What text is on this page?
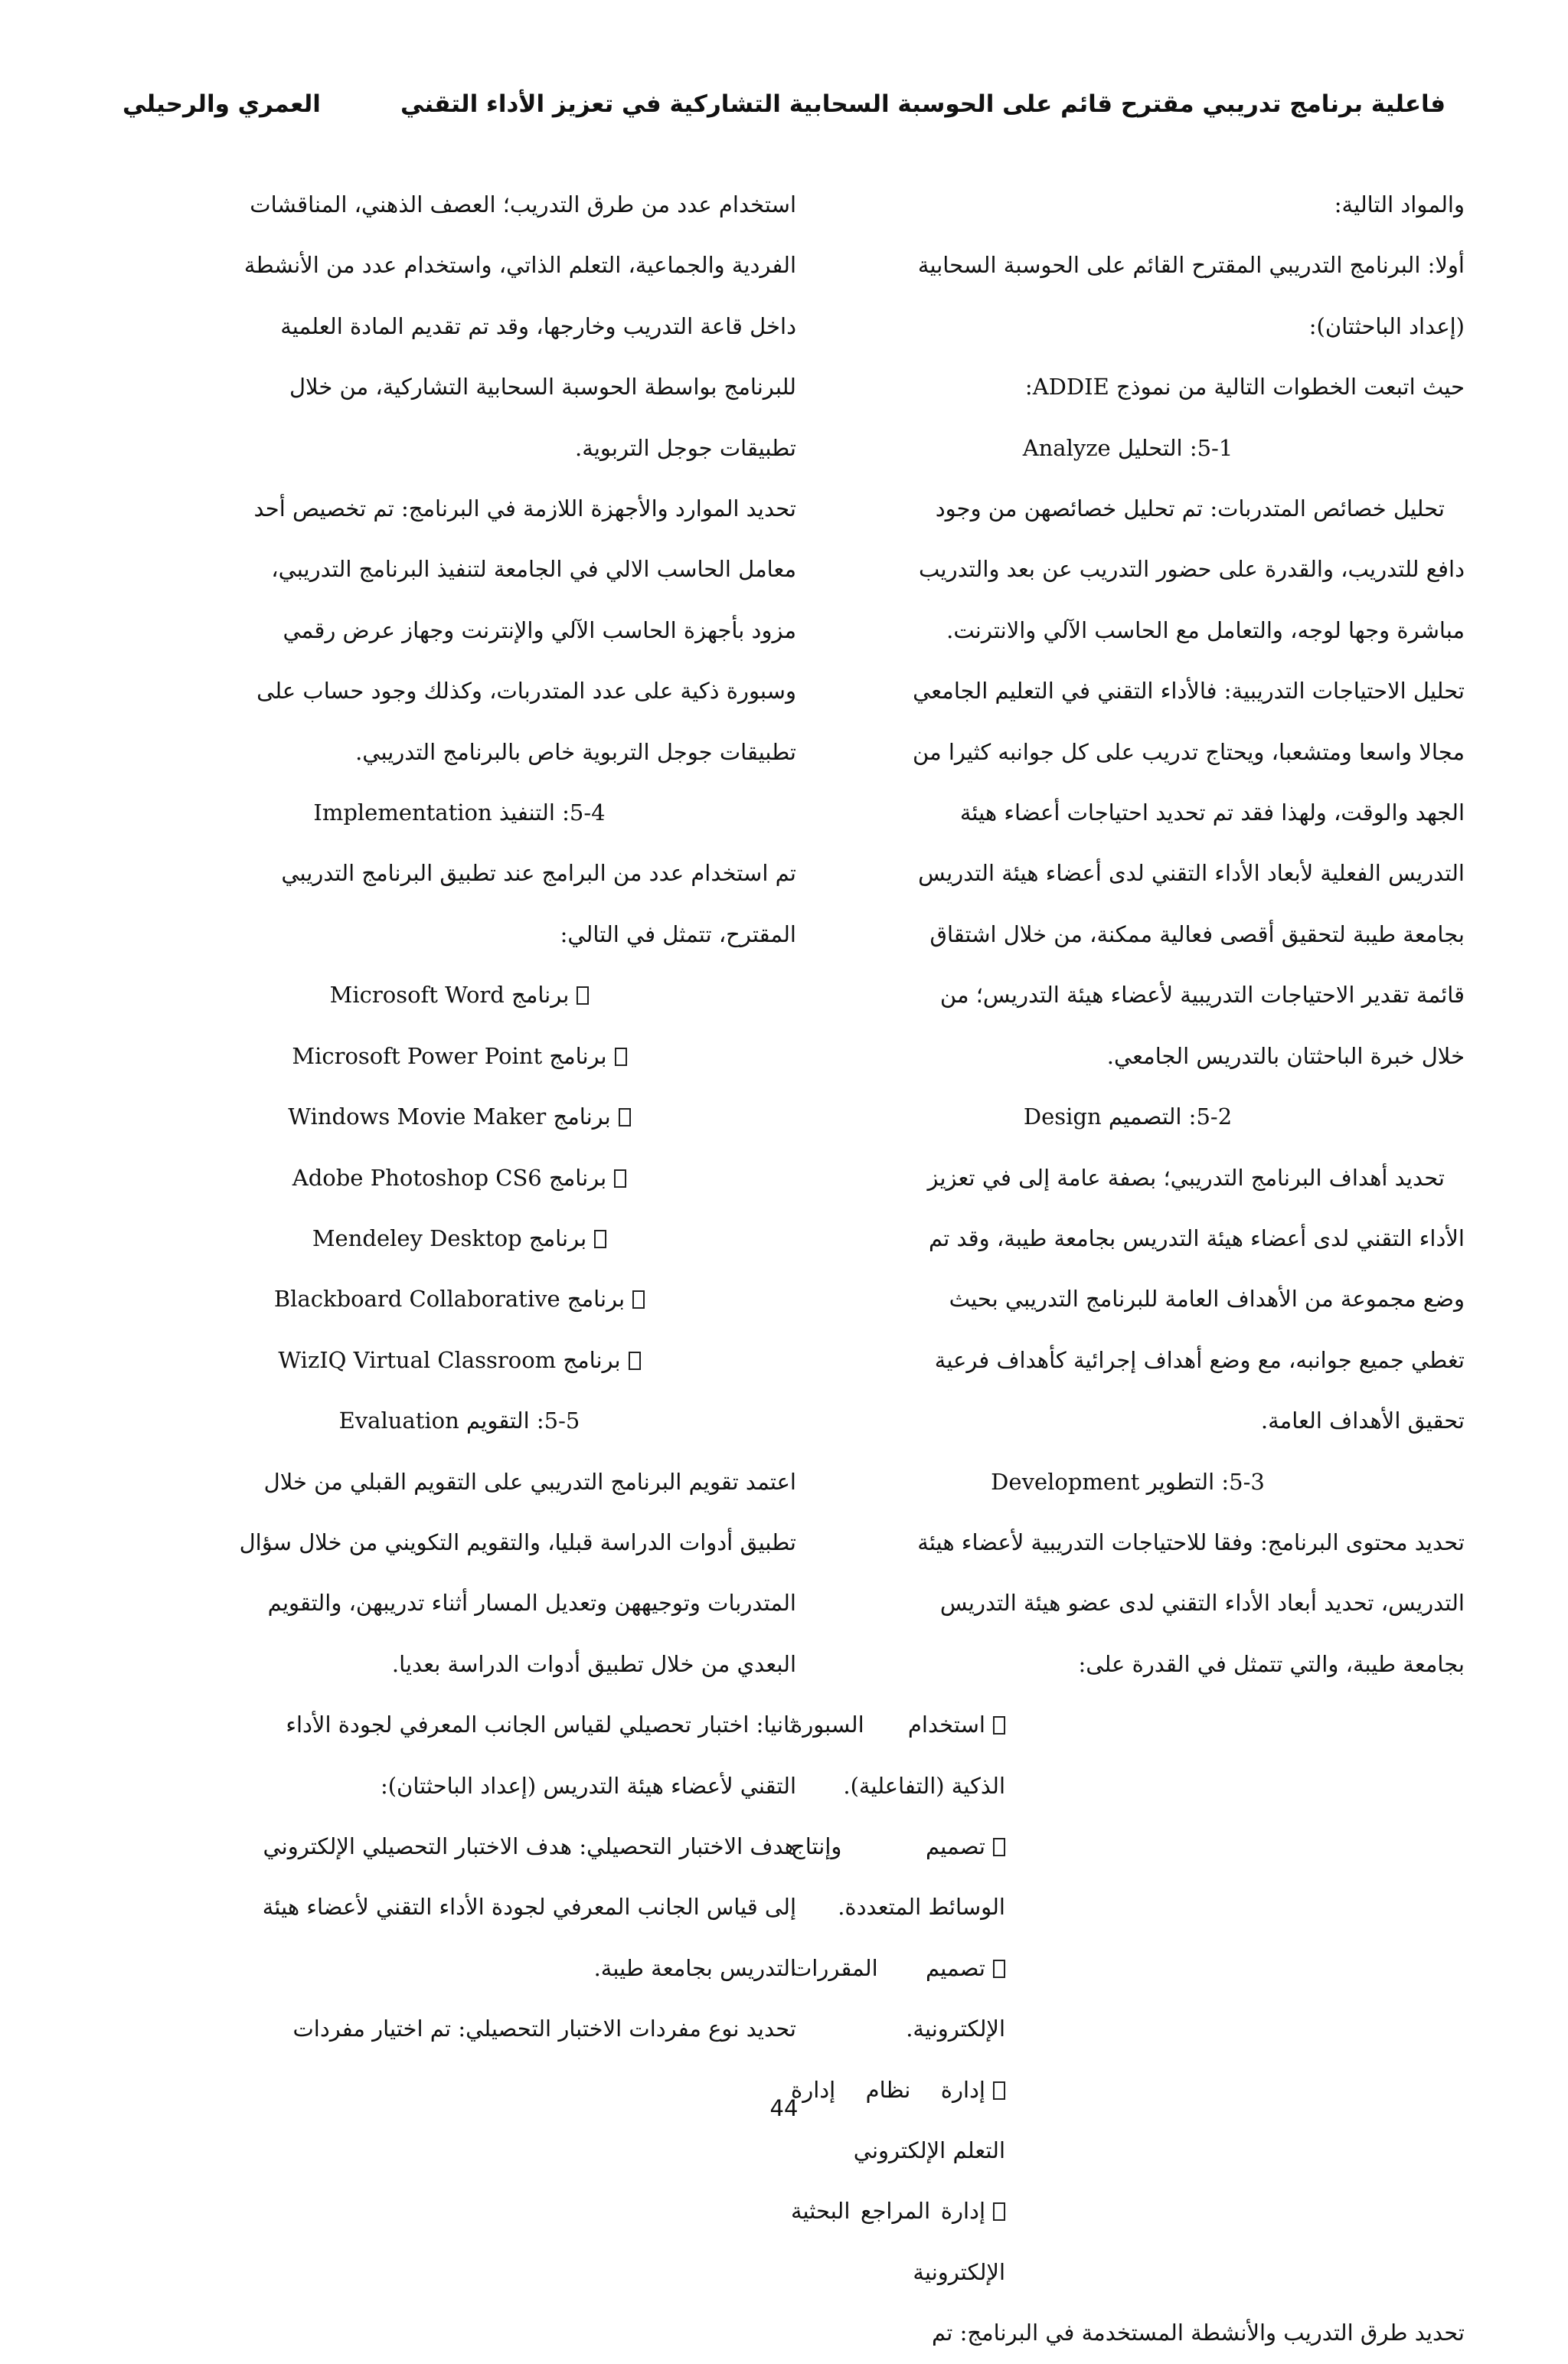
فاعلية برنامج تدريبي مقترح قائم على الحوسبة السحابية التشاركية في تعزيز الأداء التقني
العمري والرحيلي

والمواد التالية:

أولا: البرنامج التدريبي المقترح القائم على الحوسبة السحابية

(إعداد الباحثتان):

حيث اتبعت الخطوات التالية من نموذج ADDIE:

5-1: التحليل Analyze

تحليل خصائص المتدربات: تم تحليل خصائصهن من وجود

دافع للتدريب، والقدرة على حضور التدريب عن بعد والتدريب

مباشرة وجها لوجه، والتعامل مع الحاسب الآلي والانترنت.

تحليل الاحتياجات التدريبية: فالأداء التقني في التعليم الجامعي

مجالا واسعا ومتشعبا، ويحتاج تدريب على كل جوانبه كثيرا من

الجهد والوقت، ولهذا فقد تم تحديد احتياجات أعضاء هيئة

التدريس الفعلية لأبعاد الأداء التقني لدى أعضاء هيئة التدريس

بجامعة طيبة لتحقيق أقصى فعالية ممكنة، من خلال اشتقاق

قائمة تقدير الاحتياجات التدريبية لأعضاء هيئة التدريس؛ من

خلال خبرة الباحثتان بالتدريس الجامعي.

5-2: التصميم Design

تحديد أهداف البرنامج التدريبي؛ بصفة عامة إلى في تعزيز

الأداء التقني لدى أعضاء هيئة التدريس بجامعة طيبة، وقد تم

وضع مجموعة من الأهداف العامة للبرنامج التدريبي بحيث

تغطي جميع جوانبه، مع وضع أهداف إجرائية كأهداف فرعية

تحقيق الأهداف العامة.

5-3: التطوير Development

تحديد محتوى البرنامج: وفقا للاحتياجات التدريبية لأعضاء هيئة

التدريس، تحديد أبعاد الأداء التقني لدى عضو هيئة التدريس

بجامعة طيبة، والتي تتمثل في القدرة على:

استخدام السبورة الذكية (التفاعلية).

تصميم وإنتاج الوسائط المتعددة.

تصميم المقررات الإلكترونية.

إدارة نظام إدارة التعلم الإلكتروني

إدارة المراجع البحثية الإلكترونية

تحديد طرق التدريب والأنشطة المستخدمة في البرنامج: تم

استخدام عدد من طرق التدريب؛ العصف الذهني، المناقشات

الفردية والجماعية، التعلم الذاتي، واستخدام عدد من الأنشطة

داخل قاعة التدريب وخارجها، وقد تم تقديم المادة العلمية

للبرنامج بواسطة الحوسبة السحابية التشاركية، من خلال

تطبيقات جوجل التربوية.

تحديد الموارد والأجهزة اللازمة في البرنامج: تم تخصيص أحد

معامل الحاسب الالي في الجامعة لتنفيذ البرنامج التدريبي،

مزود بأجهزة الحاسب الآلي والإنترنت وجهاز عرض رقمي

وسبورة ذكية على عدد المتدربات، وكذلك وجود حساب على

تطبيقات جوجل التربوية خاص بالبرنامج التدريبي.

5-4: التنفيذ Implementation

تم استخدام عدد من البرامج عند تطبيق البرنامج التدريبي

المقترح، تتمثل في التالي:

برنامج Microsoft Word

برنامج Microsoft Power Point

برنامج Windows Movie Maker

برنامج Adobe Photoshop CS6

برنامج Mendeley Desktop

برنامج Blackboard Collaborative

برنامج WizIQ Virtual Classroom

5-5: التقويم Evaluation

اعتمد تقويم البرنامج التدريبي على التقويم القبلي من خلال

تطبيق أدوات الدراسة قبليا، والتقويم التكويني من خلال سؤال

المتدربات وتوجيههن وتعديل المسار أثناء تدريبهن، والتقويم

البعدي من خلال تطبيق أدوات الدراسة بعديا.

ثانيا: اختبار تحصيلي لقياس الجانب المعرفي لجودة الأداء

التقني لأعضاء هيئة التدريس (إعداد الباحثتان):

هدف الاختبار التحصيلي: هدف الاختبار التحصيلي الإلكتروني

إلى قياس الجانب المعرفي لجودة الأداء التقني لأعضاء هيئة

التدريس بجامعة طيبة.

تحديد نوع مفردات الاختبار التحصيلي: تم اختيار مفردات

44
